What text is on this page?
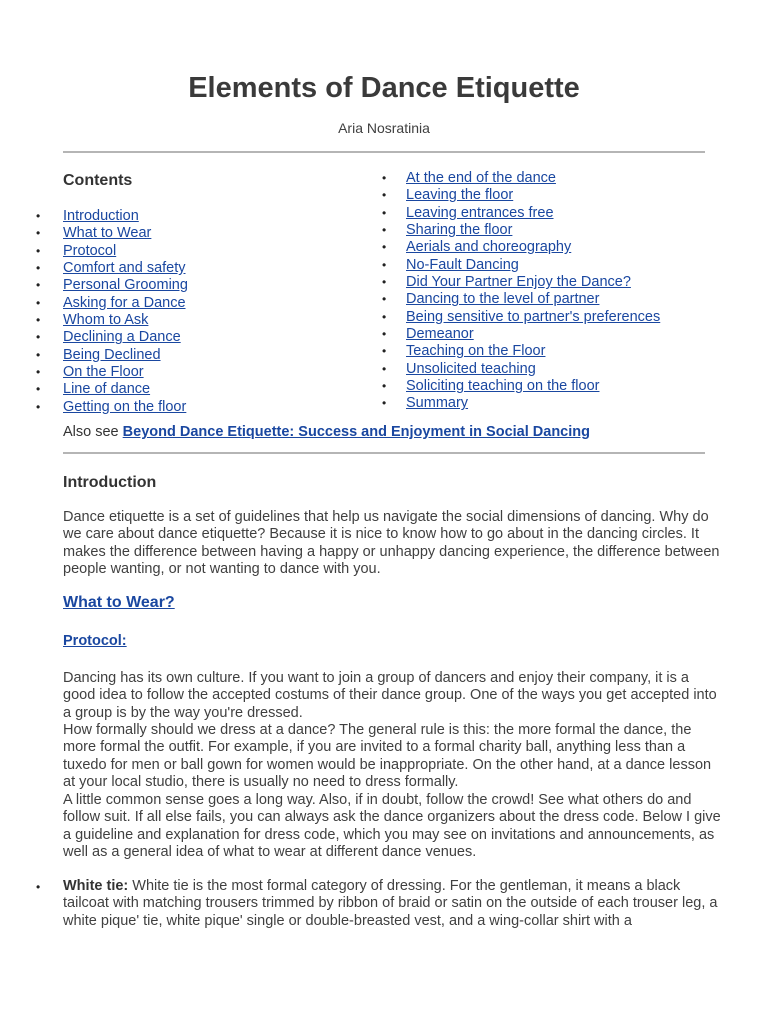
Elements of Dance Etiquette
Aria Nosratinia
Contents
• Introduction
• What to Wear
• Protocol
• Comfort and safety
• Personal Grooming
• Asking for a Dance
• Whom to Ask
• Declining a Dance
• Being Declined
• On the Floor
• Line of dance
• Getting on the floor
• At the end of the dance
• Leaving the floor
• Leaving entrances free
• Sharing the floor
• Aerials and choreography
• No-Fault Dancing
• Did Your Partner Enjoy the Dance?
• Dancing to the level of partner
• Being sensitive to partner's preferences
• Demeanor
• Teaching on the Floor
• Unsolicited teaching
• Soliciting teaching on the floor
• Summary
Also see Beyond Dance Etiquette: Success and Enjoyment in Social Dancing
Introduction

Dance etiquette is a set of guidelines that help us navigate the social dimensions of dancing. Why do we care about dance etiquette? Because it is nice to know how to go about in the dancing circles. It makes the difference between having a happy or unhappy dancing experience, the difference between people wanting, or not wanting to dance with you.

What to Wear?
Protocol:

Dancing has its own culture. If you want to join a group of dancers and enjoy their company, it is a good idea to follow the accepted costums of their dance group. One of the ways you get accepted into a group is by the way you're dressed.

How formally should we dress at a dance? The general rule is this: the more formal the dance, the more formal the outfit. For example, if you are invited to a formal charity ball, anything less than a tuxedo for men or ball gown for women would be inappropriate. On the other hand, at a dance lesson at your local studio, there is usually no need to dress formally.

A little common sense goes a long way. Also, if in doubt, follow the crowd! See what others do and follow suit. If all else fails, you can always ask the dance organizers about the dress code. Below I give a guideline and explanation for dress code, which you may see on invitations and announcements, as well as a general idea of what to wear at different dance venues.

• White tie: White tie is the most formal category of dressing. For the gentleman, it means a black tailcoat with matching trousers trimmed by ribbon of braid or satin on the outside of each trouser leg, a white pique' tie, white pique' single or double-breasted vest, and a wing-collar shirt with a
